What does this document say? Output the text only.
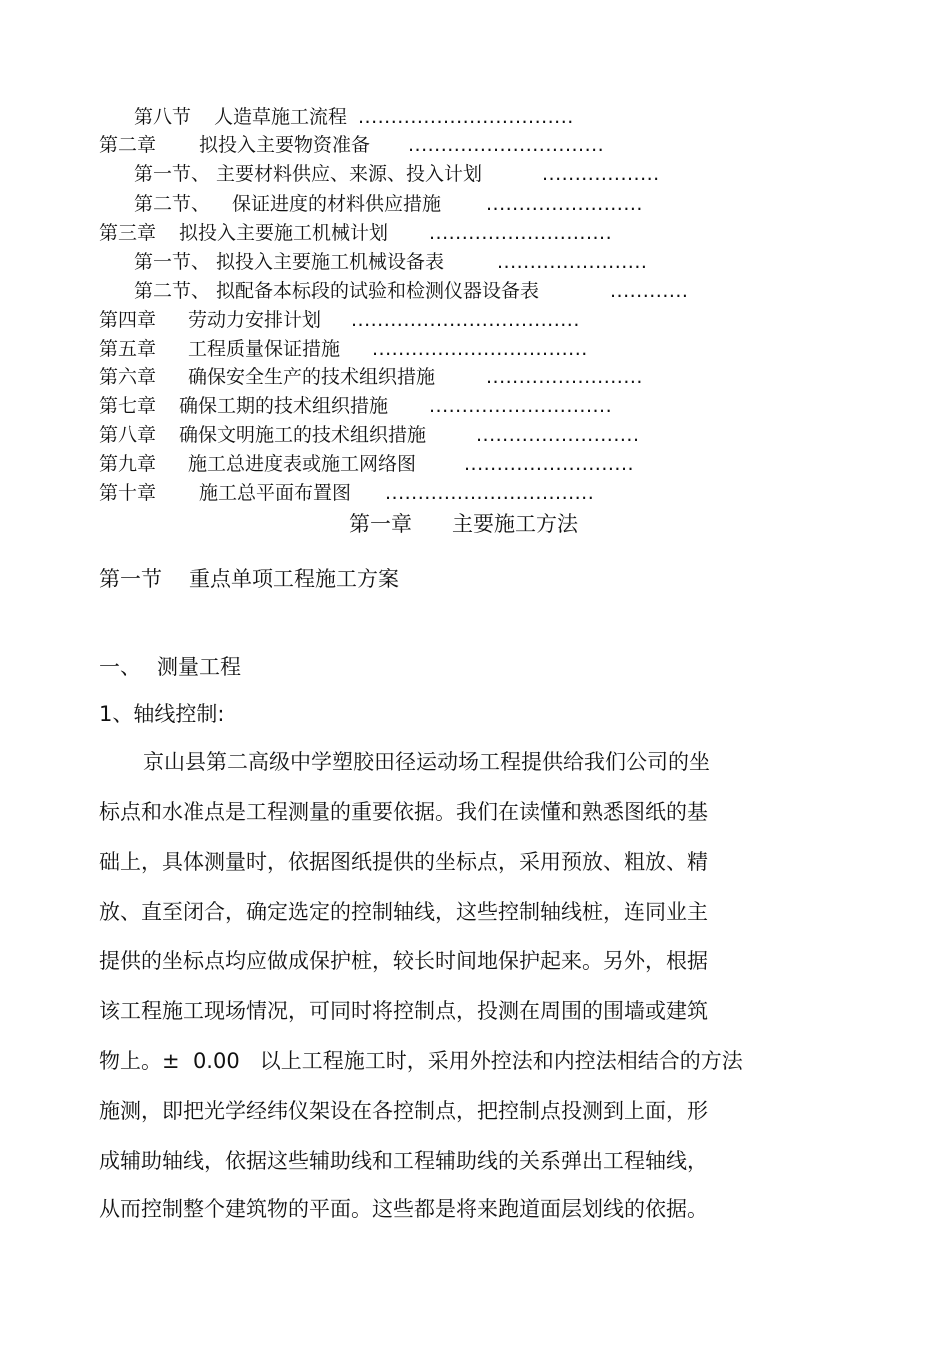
第八节 人造草施工流程 .................................
第二章 拟投入主要物资准备 ..............................
第一节、 主要材料供应、来源、投入计划	..................
第二节、 保证进度的材料供应措施 ........................
第三章 拟投入主要施工机械计划 ............................
第一节、 拟投入主要施工机械设备表	.......................
第二节、 拟配备本标段的试验和检测仪器设备表	............
第四章 劳动力安排计划 ...................................
第五章 工程质量保证措施 .................................
第六章 确保安全生产的技术组织措施	........................
第七章 确保工期的技术组织措施 ............................
第八章 确保文明施工的技术组织措施	.........................
第九章 施工总进度表或施工网络图	..........................
第十章 施工总平面布置图 ................................
第一章 主要施工方法
第一节 重点单项工程施工方案
一、 测量工程
1、轴线控制:
京山县第二高级中学塑胶田径运动场工程提供给我们公司的坐
标点和水准点是工程测量的重要依据。我们在读懂和熟悉图纸的基
础上，具体测量时，依据图纸提供的坐标点，采用预放、粗放、精
放、直至闭合，确定选定的控制轴线，这些控制轴线桩，连同业主
提供的坐标点均应做成保护桩，较长时间地保护起来。另外，根据
该工程施工现场情况，可同时将控制点，投测在周围的围墙或建筑
物上。±  0.00   以上工程施工时，采用外控法和内控法相结合的方法
施测，即把光学经纬仪架设在各控制点，把控制点投测到上面，形
成辅助轴线，依据这些辅助线和工程辅助线的关系弹出工程轴线，
从而控制整个建筑物的平面。这些都是将来跑道面层划线的依据。
